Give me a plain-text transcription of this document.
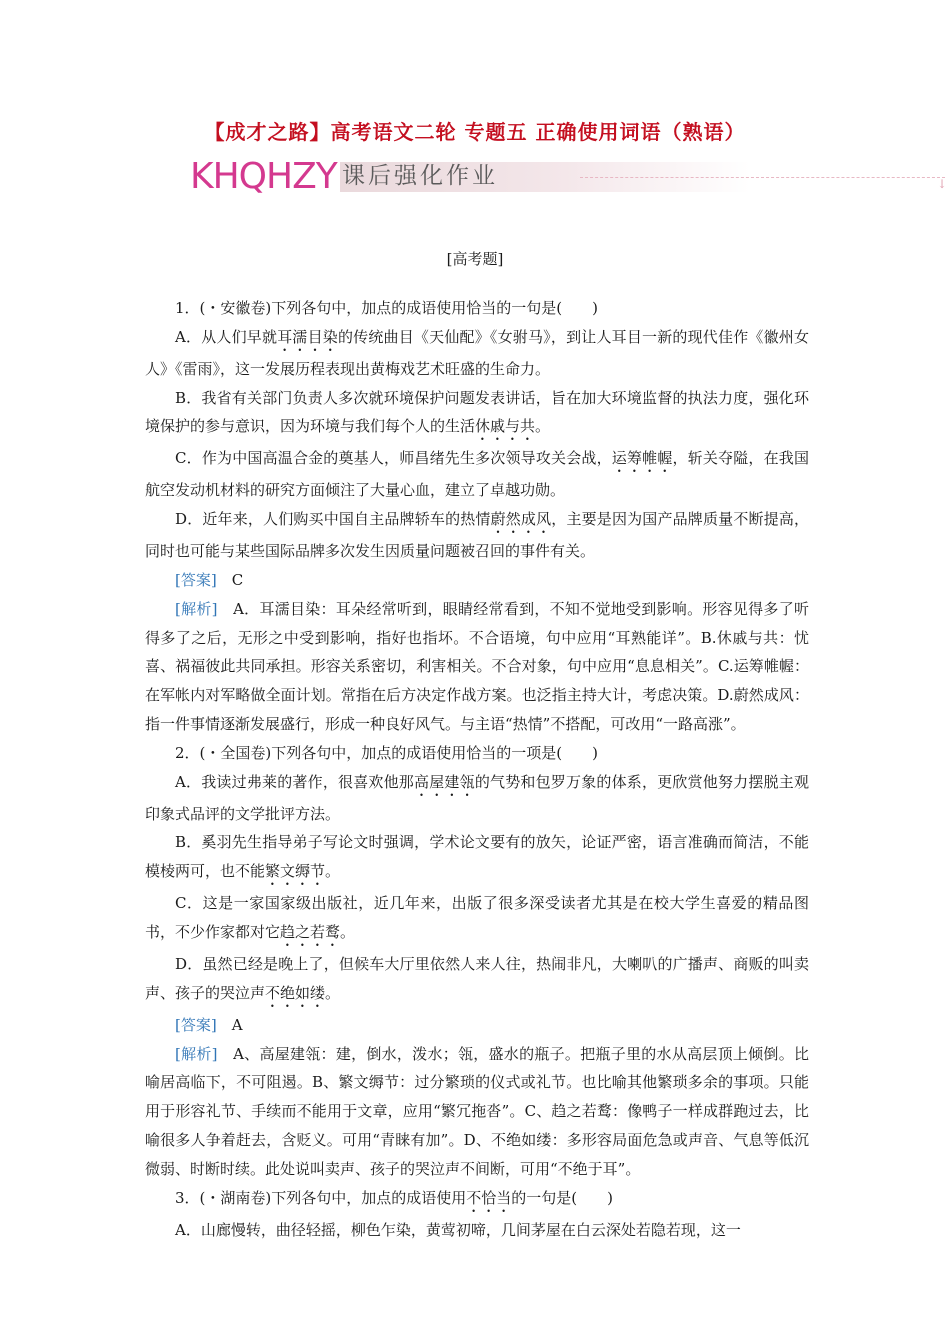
【成才之路】高考语文二轮 专题五 正确使用词语（熟语）
KHQHZY 课后强化作业	↓
[高考题]

1．(・安徽卷)下列各句中，加点的成语使用恰当的一句是(　　)

A．从人们早就耳濡目染的传统曲目《天仙配》《女驸马》，到让人耳目一新的现代佳作《徽州女人》《雷雨》，这一发展历程表现出黄梅戏艺术旺盛的生命力。

B．我省有关部门负责人多次就环境保护问题发表讲话，旨在加大环境监督的执法力度，强化环境保护的参与意识，因为环境与我们每个人的生活休戚与共。

C．作为中国高温合金的奠基人，师昌绪先生多次领导攻关会战，运筹帷幄，斩关夺隘，在我国航空发动机材料的研究方面倾注了大量心血，建立了卓越功勋。

D．近年来，人们购买中国自主品牌轿车的热情蔚然成风，主要是因为国产品牌质量不断提高，同时也可能与某些国际品牌多次发生因质量问题被召回的事件有关。

[答案]　 C

[解析]　 A．耳濡目染：耳朵经常听到，眼睛经常看到，不知不觉地受到影响。形容见得多了听得多了之后，无形之中受到影响，指好也指坏。不合语境，句中应用“耳熟能详”。B.休戚与共：忧喜、祸福彼此共同承担。形容关系密切，利害相关。不合对象，句中应用“息息相关”。C.运筹帷幄：在军帐内对军略做全面计划。常指在后方决定作战方案。也泛指主持大计，考虑决策。D.蔚然成风：指一件事情逐渐发展盛行，形成一种良好风气。与主语“热情”不搭配，可改用“一路高涨”。

2．(・全国卷)下列各句中，加点的成语使用恰当的一项是(　　)

A．我读过弗莱的著作，很喜欢他那高屋建瓴的气势和包罗万象的体系，更欣赏他努力摆脱主观印象式品评的文学批评方法。

B．奚羽先生指导弟子写论文时强调，学术论文要有的放矢，论证严密，语言准确而简洁，不能模棱两可，也不能繁文缛节。

C．这是一家国家级出版社，近几年来，出版了很多深受读者尤其是在校大学生喜爱的精品图书，不少作家都对它趋之若鹜。

D．虽然已经是晚上了，但候车大厅里依然人来人往，热闹非凡，大喇叭的广播声、商贩的叫卖声、孩子的哭泣声不绝如缕。

[答案]　 A

[解析]　 A、高屋建瓴：建，倒水，泼水；瓴，盛水的瓶子。把瓶子里的水从高层顶上倾倒。比喻居高临下，不可阻遏。B、繁文缛节：过分繁琐的仪式或礼节。也比喻其他繁琐多余的事项。只能用于形容礼节、手续而不能用于文章，应用“繁冗拖沓”。C、趋之若鹜：像鸭子一样成群跑过去，比喻很多人争着赶去，含贬义。可用“青睐有加”。D、不绝如缕：多形容局面危急或声音、气息等低沉微弱、时断时续。此处说叫卖声、孩子的哭泣声不间断，可用“不绝于耳”。

3．(・湖南卷)下列各句中，加点的成语使用不恰当的一句是(　　)

A．山廊慢转，曲径轻摇，柳色乍染，黄莺初啼，几间茅屋在白云深处若隐若现，这一
